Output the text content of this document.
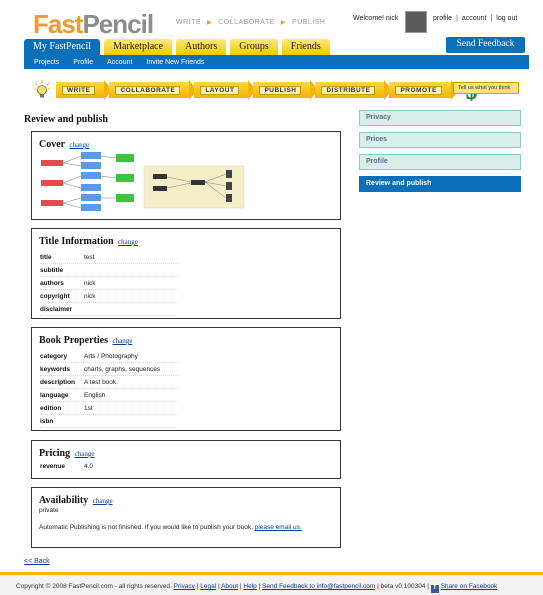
FastPencil	WRITE ▶ COLLABORATE ▶ PUBLISH
Welcome! nick	profile | account | log out
My FastPencil	Marketplace	Authors	Groups	Friends	Send Feedback
Projects Profile Account Invite New Friends
WRITE	COLLABORATE	LAYOUT	PUBLISH	DISTRIBUTE	PROMOTE	Tell us what you think
Review and publish
Cover change
Title Information change
title	test
subtitle
authors	nick
copyright	nick
disclaimer
Book Properties change
category	Arts / Photography
keywords	charts, graphs, sequences
description	A test book.
language	English
edition	1st
isbn
Pricing change
revenue	4.0
Availability change
private
Automatic Publishing is not finished. If you would like to publish your book, please email us.
Privacy
Prices
Profile
Review and publish
<< Back
Copyright © 2008 FastPencil.com - all rights reserved. Privacy | Legal | About | Help | Send Feedback to info@fastpencil.com | beta v0.100304 | f Share on Facebook
